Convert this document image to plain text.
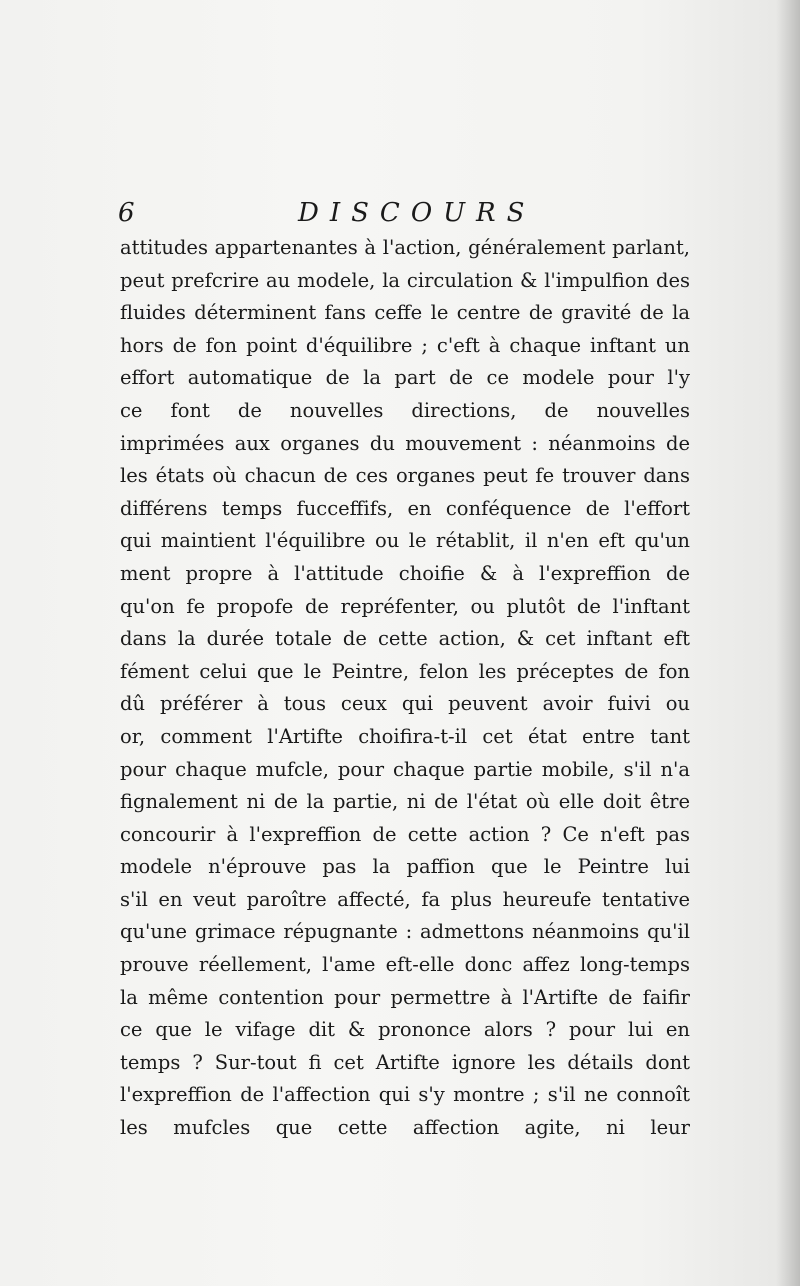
6	DISCOURS
attitudes appartenantes à l'action, généralement parlant,
peut prefcrire au modele, la circulation & l'impulfion des
fluides déterminent fans ceffe le centre de gravité de la
hors de fon point d'équilibre ; c'eft à chaque inftant un
effort automatique de la part de ce modele pour l'y
ce font de nouvelles directions, de nouvelles
imprimées aux organes du mouvement : néanmoins de
les états où chacun de ces organes peut fe trouver dans
différens temps fucceffifs, en conféquence de l'effort
qui maintient l'équilibre ou le rétablit, il n'en eft qu'un
ment propre à l'attitude choifie & à l'expreffion de
qu'on fe propofe de repréfenter, ou plutôt de l'inftant
dans la durée totale de cette action, & cet inftant eft
fément celui que le Peintre, felon les préceptes de fon
dû préférer à tous ceux qui peuvent avoir fuivi ou
or, comment l'Artifte choifira-t-il cet état entre tant
pour chaque mufcle, pour chaque partie mobile, s'il n'a
fignalement ni de la partie, ni de l'état où elle doit être
concourir à l'expreffion de cette action ? Ce n'eft pas
modele n'éprouve pas la paffion que le Peintre lui
s'il en veut paroître affecté, fa plus heureufe tentative
qu'une grimace répugnante : admettons néanmoins qu'il
prouve réellement, l'ame eft-elle donc affez long-temps
la même contention pour permettre à l'Artifte de faifir
ce que le vifage dit & prononce alors ? pour lui en
temps ? Sur-tout fi cet Artifte ignore les détails dont
l'expreffion de l'affection qui s'y montre ; s'il ne connoît
les mufcles que cette affection agite, ni leur
